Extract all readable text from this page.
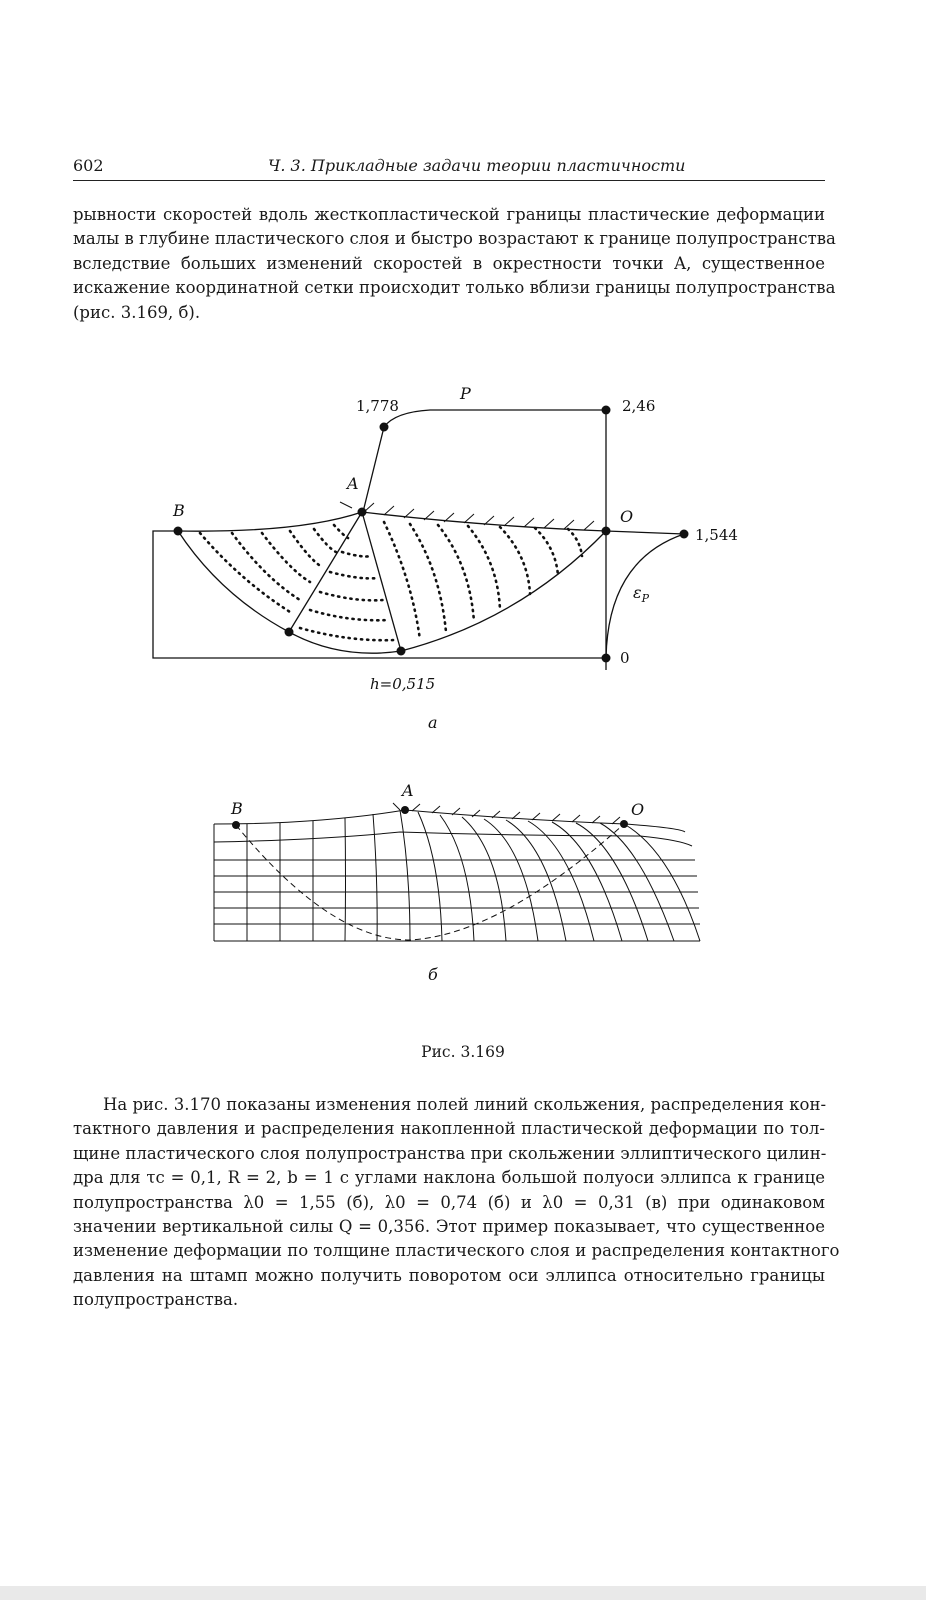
602	Ч. 3. Прикладные задачи теории пластичности
рывности скоростей вдоль жесткопластической границы пластические деформации
малы в глубине пластического слоя и быстро возрастают к границе полупространства
вследствие больших изменений скоростей в окрестности точки A, существенное
искажение координатной сетки происходит только вблизи границы полупространства
(рис. 3.169, б).
1,778
P
2,46
A
B	O
1,544
$\varepsilon_P$
0
h=0,515
а
B
A
O
б
Рис. 3.169
На рис. 3.170 показаны изменения полей линий скольжения, распределения кон-
тактного давления и распределения накопленной пластической деформации по тол-
щине пластического слоя полупространства при скольжении эллиптического цилин-
дра для τc = 0,1, R = 2, b = 1 с углами наклона большой полуоси эллипса к границе
полупространства λ0 = 1,55 (б), λ0 = 0,74 (б) и λ0 = 0,31 (в) при одинаковом
значении вертикальной силы Q = 0,356. Этот пример показывает, что существенное
изменение деформации по толщине пластического слоя и распределения контактного
давления на штамп можно получить поворотом оси эллипса относительно границы
полупространства.
